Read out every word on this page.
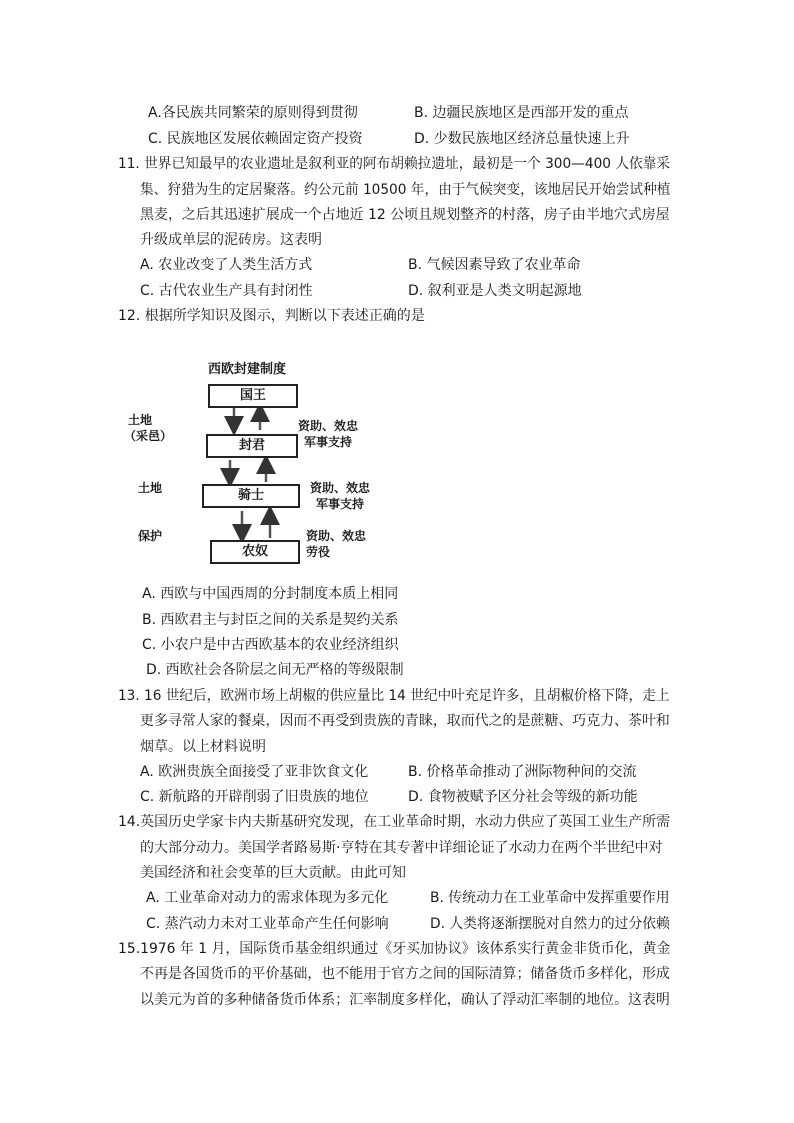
A.各民族共同繁荣的原则得到贯彻	B. 边疆民族地区是西部开发的重点
C. 民族地区发展依赖固定资产投资	D. 少数民族地区经济总量快速上升
11. 世界已知最早的农业遗址是叙利亚的阿布胡赖拉遗址，最初是一个 300—400 人依靠采
集、狩猎为生的定居聚落。约公元前 10500 年，由于气候突变，该地居民开始尝试种植
黑麦，之后其迅速扩展成一个占地近 12 公顷且规划整齐的村落，房子由半地穴式房屋
升级成单层的泥砖房。这表明
A. 农业改变了人类生活方式	B. 气候因素导致了农业革命
C. 古代农业生产具有封闭性	D. 叙利亚是人类文明起源地
12. 根据所学知识及图示，判断以下表述正确的是
西欧封建制度
国王
封君
骑士
农奴
土地
（采邑）
土地
保护
资助、效忠
军事支持
资助、效忠
军事支持
资助、效忠
劳役
A. 西欧与中国西周的分封制度本质上相同
B. 西欧君主与封臣之间的关系是契约关系
C. 小农户是中古西欧基本的农业经济组织
D. 西欧社会各阶层之间无严格的等级限制
13. 16 世纪后，欧洲市场上胡椒的供应量比 14 世纪中叶充足许多，且胡椒价格下降，走上
更多寻常人家的餐桌，因而不再受到贵族的青睐，取而代之的是蔗糖、巧克力、茶叶和
烟草。以上材料说明
A. 欧洲贵族全面接受了亚非饮食文化	B. 价格革命推动了洲际物种间的交流
C. 新航路的开辟削弱了旧贵族的地位	D. 食物被赋予区分社会等级的新功能
14.英国历史学家卡内夫斯基研究发现，在工业革命时期，水动力供应了英国工业生产所需
的大部分动力。美国学者路易斯·亨特在其专著中详细论证了水动力在两个半世纪中对
美国经济和社会变革的巨大贡献。由此可知
A. 工业革命对动力的需求体现为多元化	B. 传统动力在工业革命中发挥重要作用
C. 蒸汽动力未对工业革命产生任何影响	D. 人类将逐渐摆脱对自然力的过分依赖
15.1976 年 1 月，国际货币基金组织通过《牙买加协议》该体系实行黄金非货币化，黄金
不再是各国货币的平价基础，也不能用于官方之间的国际清算；储备货币多样化，形成
以美元为首的多种储备货币体系；汇率制度多样化，确认了浮动汇率制的地位。这表明
